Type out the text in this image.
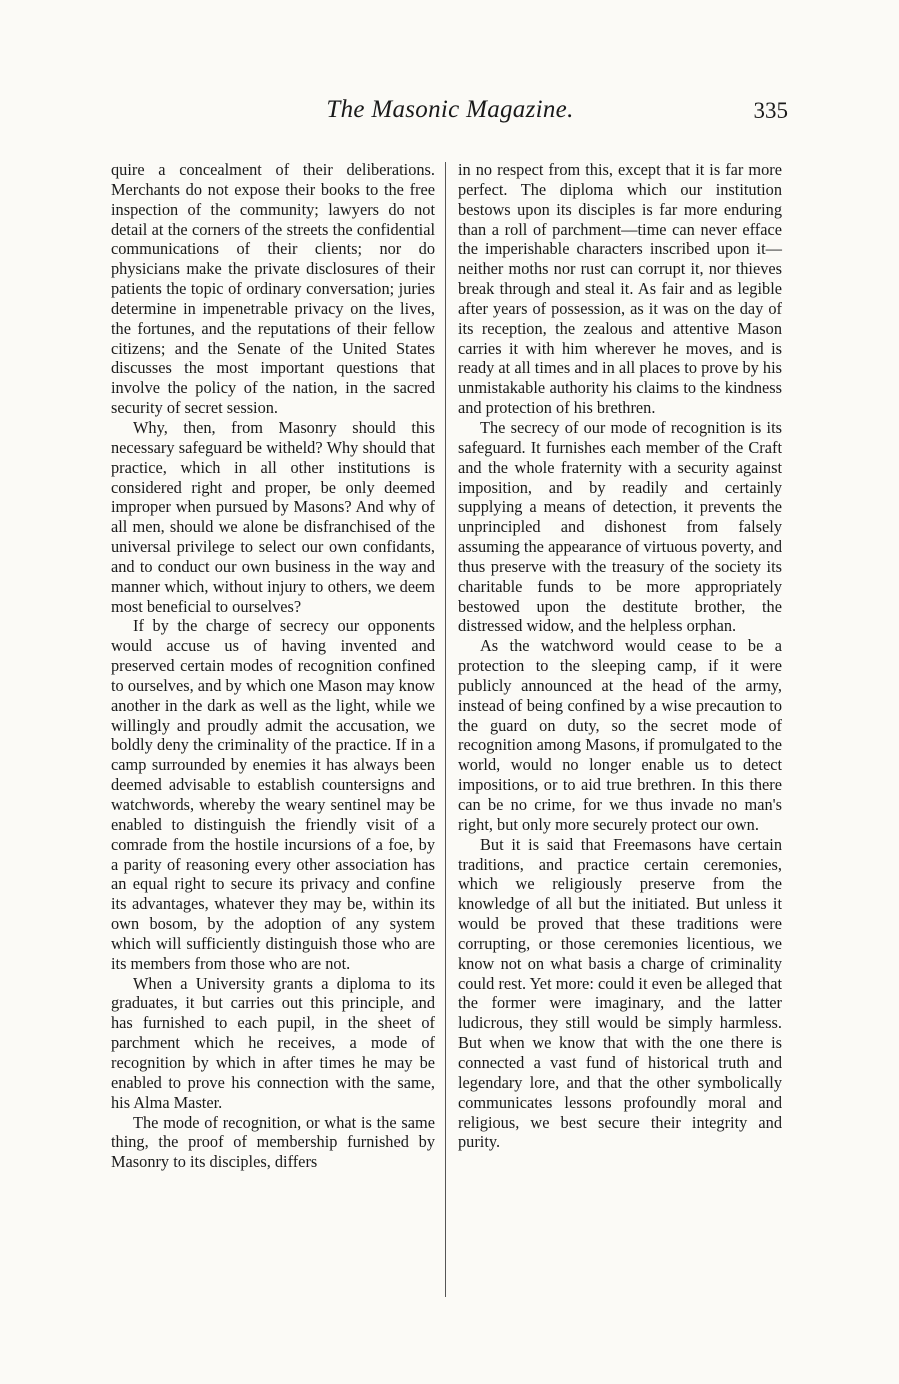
The Masonic Magazine.	335

quire a concealment of their deliberations. Merchants do not expose their books to the free inspection of the community; lawyers do not detail at the corners of the streets the confidential communications of their clients; nor do physicians make the private disclosures of their patients the topic of ordinary conversation; juries determine in impenetrable privacy on the lives, the fortunes, and the reputations of their fellow citizens; and the Senate of the United States discusses the most important questions that involve the policy of the nation, in the sacred security of secret session.

Why, then, from Masonry should this necessary safeguard be witheld? Why should that practice, which in all other institutions is considered right and proper, be only deemed improper when pursued by Masons? And why of all men, should we alone be disfranchised of the universal privilege to select our own confidants, and to conduct our own business in the way and manner which, without injury to others, we deem most beneficial to ourselves?

If by the charge of secrecy our opponents would accuse us of having invented and preserved certain modes of recognition confined to ourselves, and by which one Mason may know another in the dark as well as the light, while we willingly and proudly admit the accusation, we boldly deny the criminality of the practice. If in a camp surrounded by enemies it has always been deemed advisable to establish countersigns and watchwords, whereby the weary sentinel may be enabled to distinguish the friendly visit of a comrade from the hostile incursions of a foe, by a parity of reasoning every other association has an equal right to secure its privacy and confine its advantages, whatever they may be, within its own bosom, by the adoption of any system which will sufficiently distinguish those who are its members from those who are not.

When a University grants a diploma to its graduates, it but carries out this principle, and has furnished to each pupil, in the sheet of parchment which he receives, a mode of recognition by which in after times he may be enabled to prove his connection with the same, his Alma Master.

The mode of recognition, or what is the same thing, the proof of membership furnished by Masonry to its disciples, differs

in no respect from this, except that it is far more perfect. The diploma which our institution bestows upon its disciples is far more enduring than a roll of parchment—time can never efface the imperishable characters inscribed upon it—neither moths nor rust can corrupt it, nor thieves break through and steal it. As fair and as legible after years of possession, as it was on the day of its reception, the zealous and attentive Mason carries it with him wherever he moves, and is ready at all times and in all places to prove by his unmistakable authority his claims to the kindness and protection of his brethren.

The secrecy of our mode of recognition is its safeguard. It furnishes each member of the Craft and the whole fraternity with a security against imposition, and by readily and certainly supplying a means of detection, it prevents the unprincipled and dishonest from falsely assuming the appearance of virtuous poverty, and thus preserve with the treasury of the society its charitable funds to be more appropriately bestowed upon the destitute brother, the distressed widow, and the helpless orphan.

As the watchword would cease to be a protection to the sleeping camp, if it were publicly announced at the head of the army, instead of being confined by a wise precaution to the guard on duty, so the secret mode of recognition among Masons, if promulgated to the world, would no longer enable us to detect impositions, or to aid true brethren. In this there can be no crime, for we thus invade no man's right, but only more securely protect our own.

But it is said that Freemasons have certain traditions, and practice certain ceremonies, which we religiously preserve from the knowledge of all but the initiated. But unless it would be proved that these traditions were corrupting, or those ceremonies licentious, we know not on what basis a charge of criminality could rest. Yet more: could it even be alleged that the former were imaginary, and the latter ludicrous, they still would be simply harmless. But when we know that with the one there is connected a vast fund of historical truth and legendary lore, and that the other symbolically communicates lessons profoundly moral and religious, we best secure their integrity and purity.
